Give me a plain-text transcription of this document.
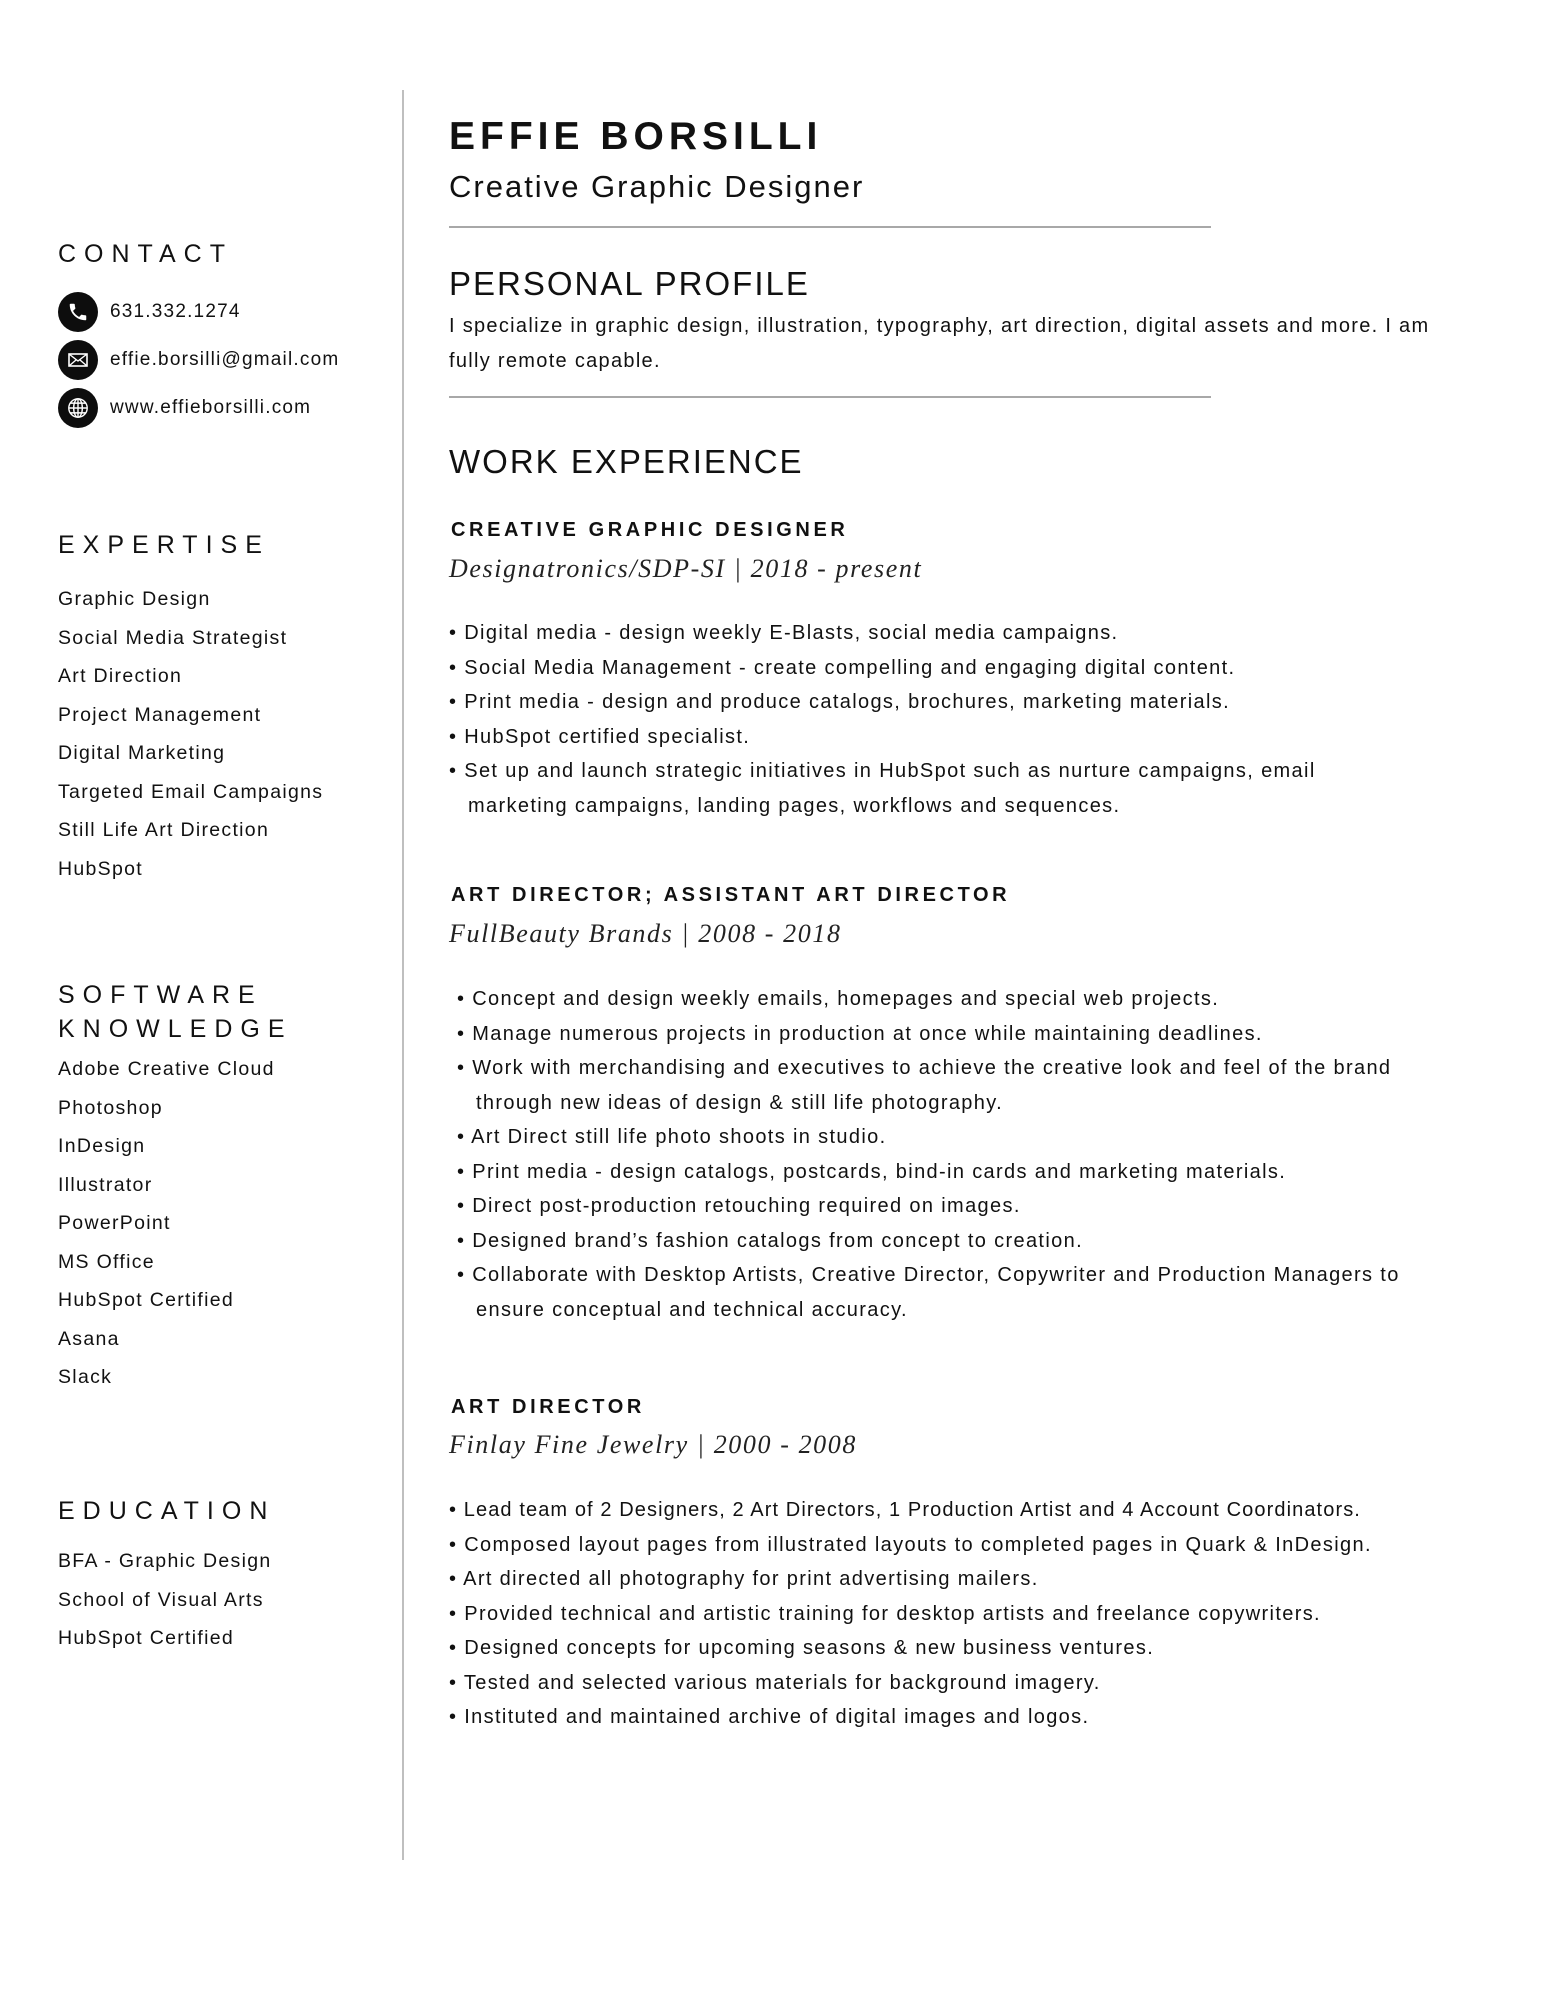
CONTACT
631.332.1274
effie.borsilli@gmail.com
www.effieborsilli.com
EXPERTISE
Graphic Design
Social Media Strategist
Art Direction
Project Management
Digital Marketing
Targeted Email Campaigns
Still Life Art Direction
HubSpot
SOFTWARE
KNOWLEDGE
Adobe Creative Cloud
Photoshop
InDesign
Illustrator
PowerPoint
MS Office
HubSpot Certified
Asana
Slack
EDUCATION
BFA - Graphic Design
School of Visual Arts
HubSpot Certified
EFFIE BORSILLI
Creative Graphic Designer
PERSONAL PROFILE

I specialize in graphic design, illustration, typography, art direction, digital assets and more. I am fully remote capable.

WORK EXPERIENCE
CREATIVE GRAPHIC DESIGNER
Designatronics/SDP-SI | 2018 - present
• Digital media - design weekly E-Blasts, social media campaigns.
• Social Media Management - create compelling and engaging digital content.
• Print media - design and produce catalogs, brochures, marketing materials.
• HubSpot certified specialist.
• Set up and launch strategic initiatives in HubSpot such as nurture campaigns, email marketing campaigns, landing pages, workflows and sequences.
ART DIRECTOR; ASSISTANT ART DIRECTOR
FullBeauty Brands | 2008 - 2018
• Concept and design weekly emails, homepages and special web projects.
• Manage numerous projects in production at once while maintaining deadlines.
• Work with merchandising and executives to achieve the creative look and feel of the brand through new ideas of design & still life photography.
• Art Direct still life photo shoots in studio.
• Print media - design catalogs, postcards, bind-in cards and marketing materials.
• Direct post-production retouching required on images.
• Designed brand’s fashion catalogs from concept to creation.
• Collaborate with Desktop Artists, Creative Director, Copywriter and Production Managers to ensure conceptual and technical accuracy.
ART DIRECTOR
Finlay Fine Jewelry | 2000 - 2008
• Lead team of 2 Designers, 2 Art Directors, 1 Production Artist and 4 Account Coordinators.
• Composed layout pages from illustrated layouts to completed pages in Quark & InDesign.
• Art directed all photography for print advertising mailers.
• Provided technical and artistic training for desktop artists and freelance copywriters.
• Designed concepts for upcoming seasons & new business ventures.
• Tested and selected various materials for background imagery.
• Instituted and maintained archive of digital images and logos.
